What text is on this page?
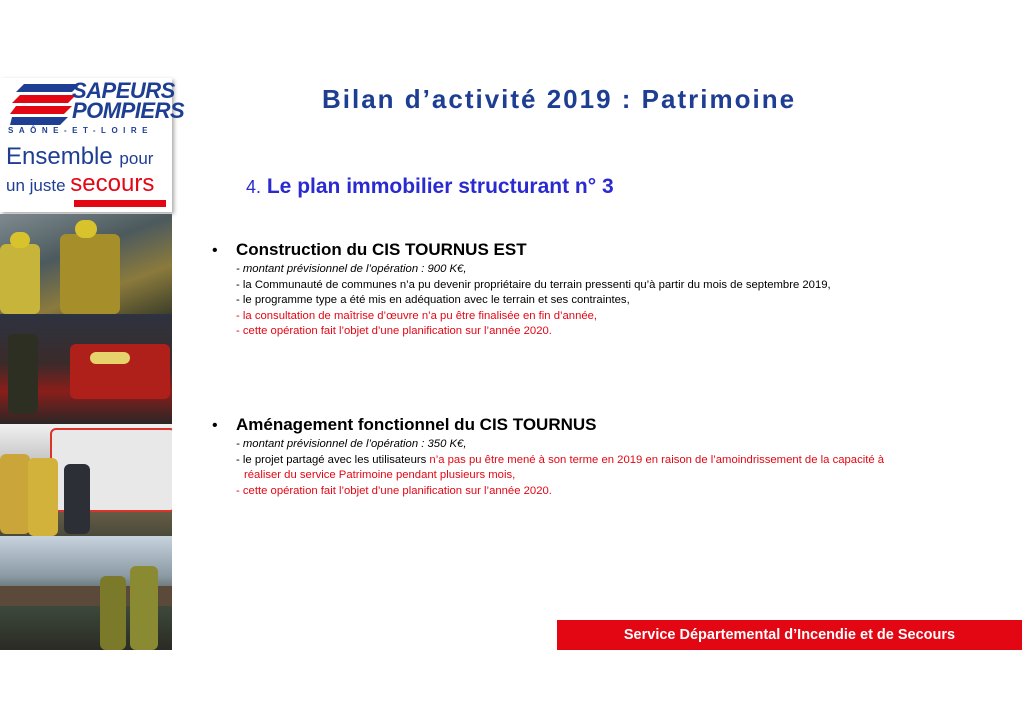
SAPEURS
POMPIERS
SAÔNE-ET-LOIRE
Ensemble pour
un juste secours
Bilan d’activité 2019 : Patrimoine
4. Le plan immobilier structurant n° 3
•	Construction du CIS TOURNUS EST
- montant prévisionnel de l’opération : 900 K€,
- la Communauté de communes n’a pu devenir propriétaire du terrain pressenti qu’à partir du mois de septembre 2019,
- le programme type a été mis en adéquation avec le terrain et ses contraintes,
- la consultation de maîtrise d’œuvre n’a pu être finalisée en fin d’année,
- cette opération fait l’objet d’une planification sur l’année 2020.
•	Aménagement fonctionnel du CIS TOURNUS
- montant prévisionnel de l’opération : 350 K€,
- le projet partagé avec les utilisateurs n’a pas pu être mené à son terme en 2019 en raison de l’amoindrissement de la capacité à
réaliser du service Patrimoine pendant plusieurs mois,
- cette opération fait l’objet d’une planification sur l’année 2020.
Service Départemental d’Incendie et de Secours
